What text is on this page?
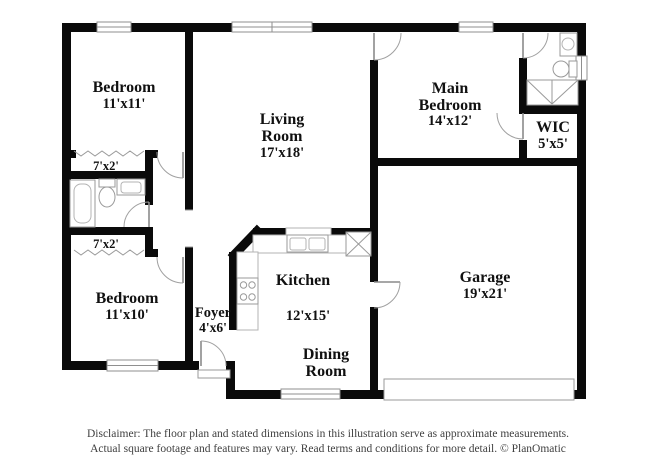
Bedroom
11'x11'
Living
Room
17'x18'
Main
Bedroom
14'x12'	WIC
5'x5'
7'x2'
7'x2'
Bedroom
11'x10'	Foyer
4'x6'
Kitchen
12'x15'
Dining
Room
Garage
19'x21'
Disclaimer: The floor plan and stated dimensions in this illustration serve as approximate measurements.
Actual square footage and features may vary. Read terms and conditions for more detail. © PlanOmatic
